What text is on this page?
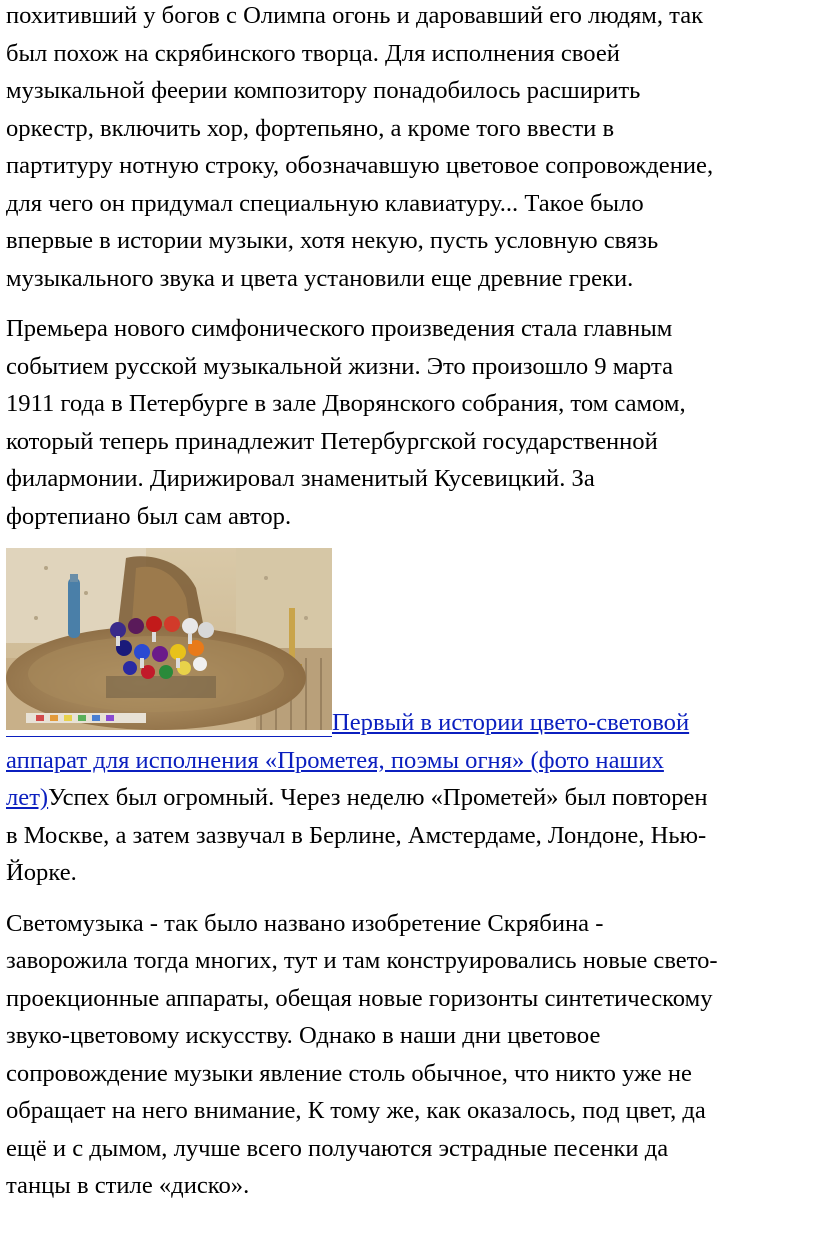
похитивший у богов с Олимпа огонь и даровавший его людям, так
был похож на скрябинского творца. Для исполнения своей
музыкальной феерии композитору понадобилось расширить
оркестр, включить хор, фортепьяно, а кроме того ввести в
партитуру нотную строку, обозначавшую цветовое сопровождение,
для чего он придумал специальную клавиатуру... Такое было
впервые в истории музыки, хотя некую, пусть условную связь
музыкального звука и цвета установили еще древние греки.

Премьера нового симфонического произведения стала главным
событием русской музыкальной жизни. Это произошло 9 марта
1911 года в Петербурге в зале Дворянского собрания, том самом,
который теперь принадлежит Петербургской государственной
филармонии. Дирижировал знаменитый Кусевицкий. За
фортепиано был сам автор.

Первый в истории цвето-световой
аппарат для исполнения «Прометея, поэмы огня» (фото наших
лет)Успех был огромный. Через неделю «Прометей» был повторен
в Москве, а затем зазвучал в Берлине, Амстердаме, Лондоне, Нью-
Йорке.

Светомузыка - так было названо изобретение Скрябина -
заворожила тогда многих, тут и там конструировались новые свето-
проекционные аппараты, обещая новые горизонты синтетическому
звуко-цветовому искусству. Однако в наши дни цветовое
сопровождение музыки явление столь обычное, что никто уже не
обращает на него внимание, К тому же, как оказалось, под цвет, да
ещё и с дымом, лучше всего получаются эстрадные песенки да
танцы в стиле «диско».
